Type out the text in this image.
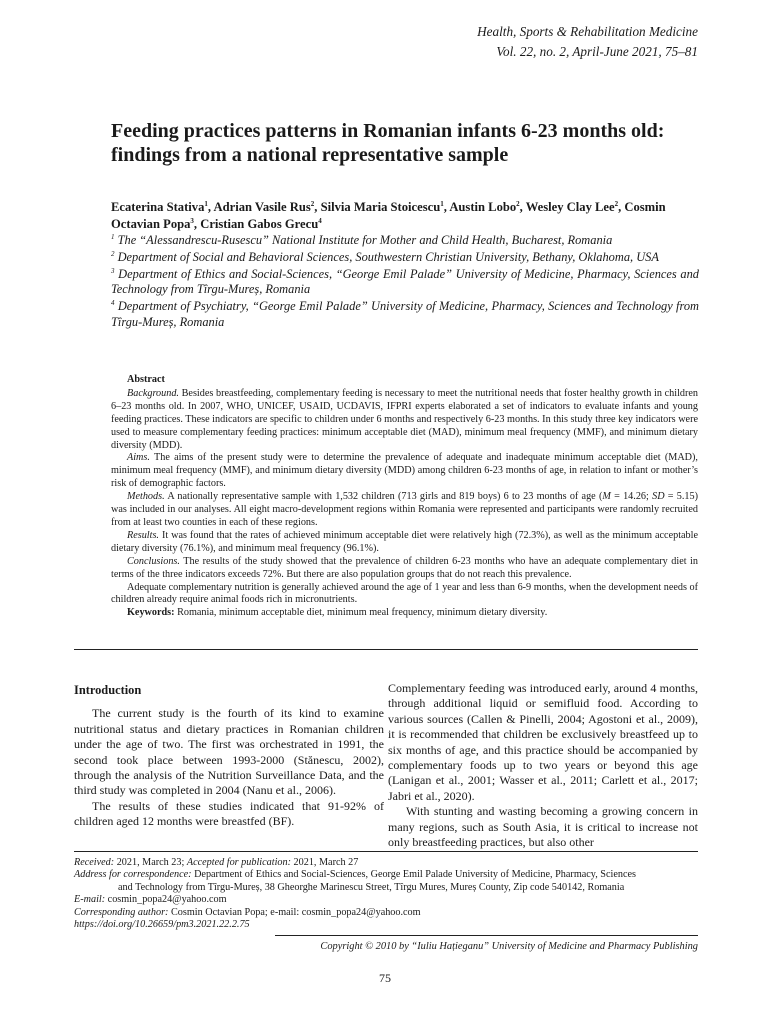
Health, Sports & Rehabilitation Medicine
Vol. 22, no. 2, April-June 2021, 75–81
Feeding practices patterns in Romanian infants 6-23 months old: findings from a national representative sample
Ecaterina Stativa$^1$, Adrian Vasile Rus$^2$, Silvia Maria Stoicescu$^1$, Austin Lobo$^2$, Wesley Clay Lee$^2$, Cosmin Octavian Popa$^3$, Cristian Gabos Grecu$^4$

$^1$ The “Alessandrescu-Rusescu” National Institute for Mother and Child Health, Bucharest, Romania

$^2$ Department of Social and Behavioral Sciences, Southwestern Christian University, Bethany, Oklahoma, USA

$^3$ Department of Ethics and Social-Sciences, “George Emil Palade” University of Medicine, Pharmacy, Sciences and Technology from Tîrgu-Mureș, Romania

$^4$ Department of Psychiatry, “George Emil Palade” University of Medicine, Pharmacy, Sciences and Technology from Tîrgu-Mureș, Romania

Abstract

Background. Besides breastfeeding, complementary feeding is necessary to meet the nutritional needs that foster healthy growth in children 6–23 months old. In 2007, WHO, UNICEF, USAID, UCDAVIS, IFPRI experts elaborated a set of indicators to evaluate infants and young feeding practices. These indicators are specific to children under 6 months and respectively 6-23 months. In this study three key indicators were used to measure complementary feeding practices: minimum acceptable diet (MAD), minimum meal frequency (MMF), and minimum dietary diversity (MDD).

Aims. The aims of the present study were to determine the prevalence of adequate and inadequate minimum acceptable diet (MAD), minimum meal frequency (MMF), and minimum dietary diversity (MDD) among children 6-23 months of age, in relation to infant or mother’s risk of demographic factors.

Methods. A nationally representative sample with 1,532 children (713 girls and 819 boys) 6 to 23 months of age (M = 14.26; SD = 5.15) was included in our analyses. All eight macro-development regions within Romania were represented and participants were randomly recruited from at least two counties in each of these regions.

Results. It was found that the rates of achieved minimum acceptable diet were relatively high (72.3%), as well as the minimum acceptable dietary diversity (76.1%), and minimum meal frequency (96.1%).

Conclusions. The results of the study showed that the prevalence of children 6-23 months who have an adequate complementary diet in terms of the three indicators exceeds 72%. But there are also population groups that do not reach this prevalence.

Adequate complementary nutrition is generally achieved around the age of 1 year and less than 6-9 months, when the development needs of children already require animal foods rich in micronutrients.

Keywords: Romania, minimum acceptable diet, minimum meal frequency, minimum dietary diversity.

Introduction

The current study is the fourth of its kind to examine nutritional status and dietary practices in Romanian children under the age of two. The first was orchestrated in 1991, the second took place between 1993-2000 (Stănescu, 2002), through the analysis of the Nutrition Surveillance Data, and the third study was completed in 2004 (Nanu et al., 2006).

The results of these studies indicated that 91-92% of children aged 12 months were breastfed (BF).

Complementary feeding was introduced early, around 4 months, through additional liquid or semifluid food. According to various sources (Callen & Pinelli, 2004; Agostoni et al., 2009), it is recommended that children be exclusively breastfeed up to six months of age, and this practice should be accompanied by complementary foods up to two years or beyond this age (Lanigan et al., 2001; Wasser et al., 2011; Carlett et al., 2017; Jabri et al., 2020).

With stunting and wasting becoming a growing concern in many regions, such as South Asia, it is critical to increase not only breastfeeding practices, but also other

Received: 2021, March 23; Accepted for publication: 2021, March 27

Address for correspondence: Department of Ethics and Social-Sciences, George Emil Palade University of Medicine, Pharmacy, Sciences

and Technology from Tîrgu-Mureș, 38 Gheorghe Marinescu Street, Tîrgu Mures, Mureș County, Zip code 540142, Romania

E-mail: cosmin_popa24@yahoo.com

Corresponding author: Cosmin Octavian Popa; e-mail: cosmin_popa24@yahoo.com

https://doi.org/10.26659/pm3.2021.22.2.75

Copyright © 2010 by “Iuliu Hațieganu” University of Medicine and Pharmacy Publishing
75
